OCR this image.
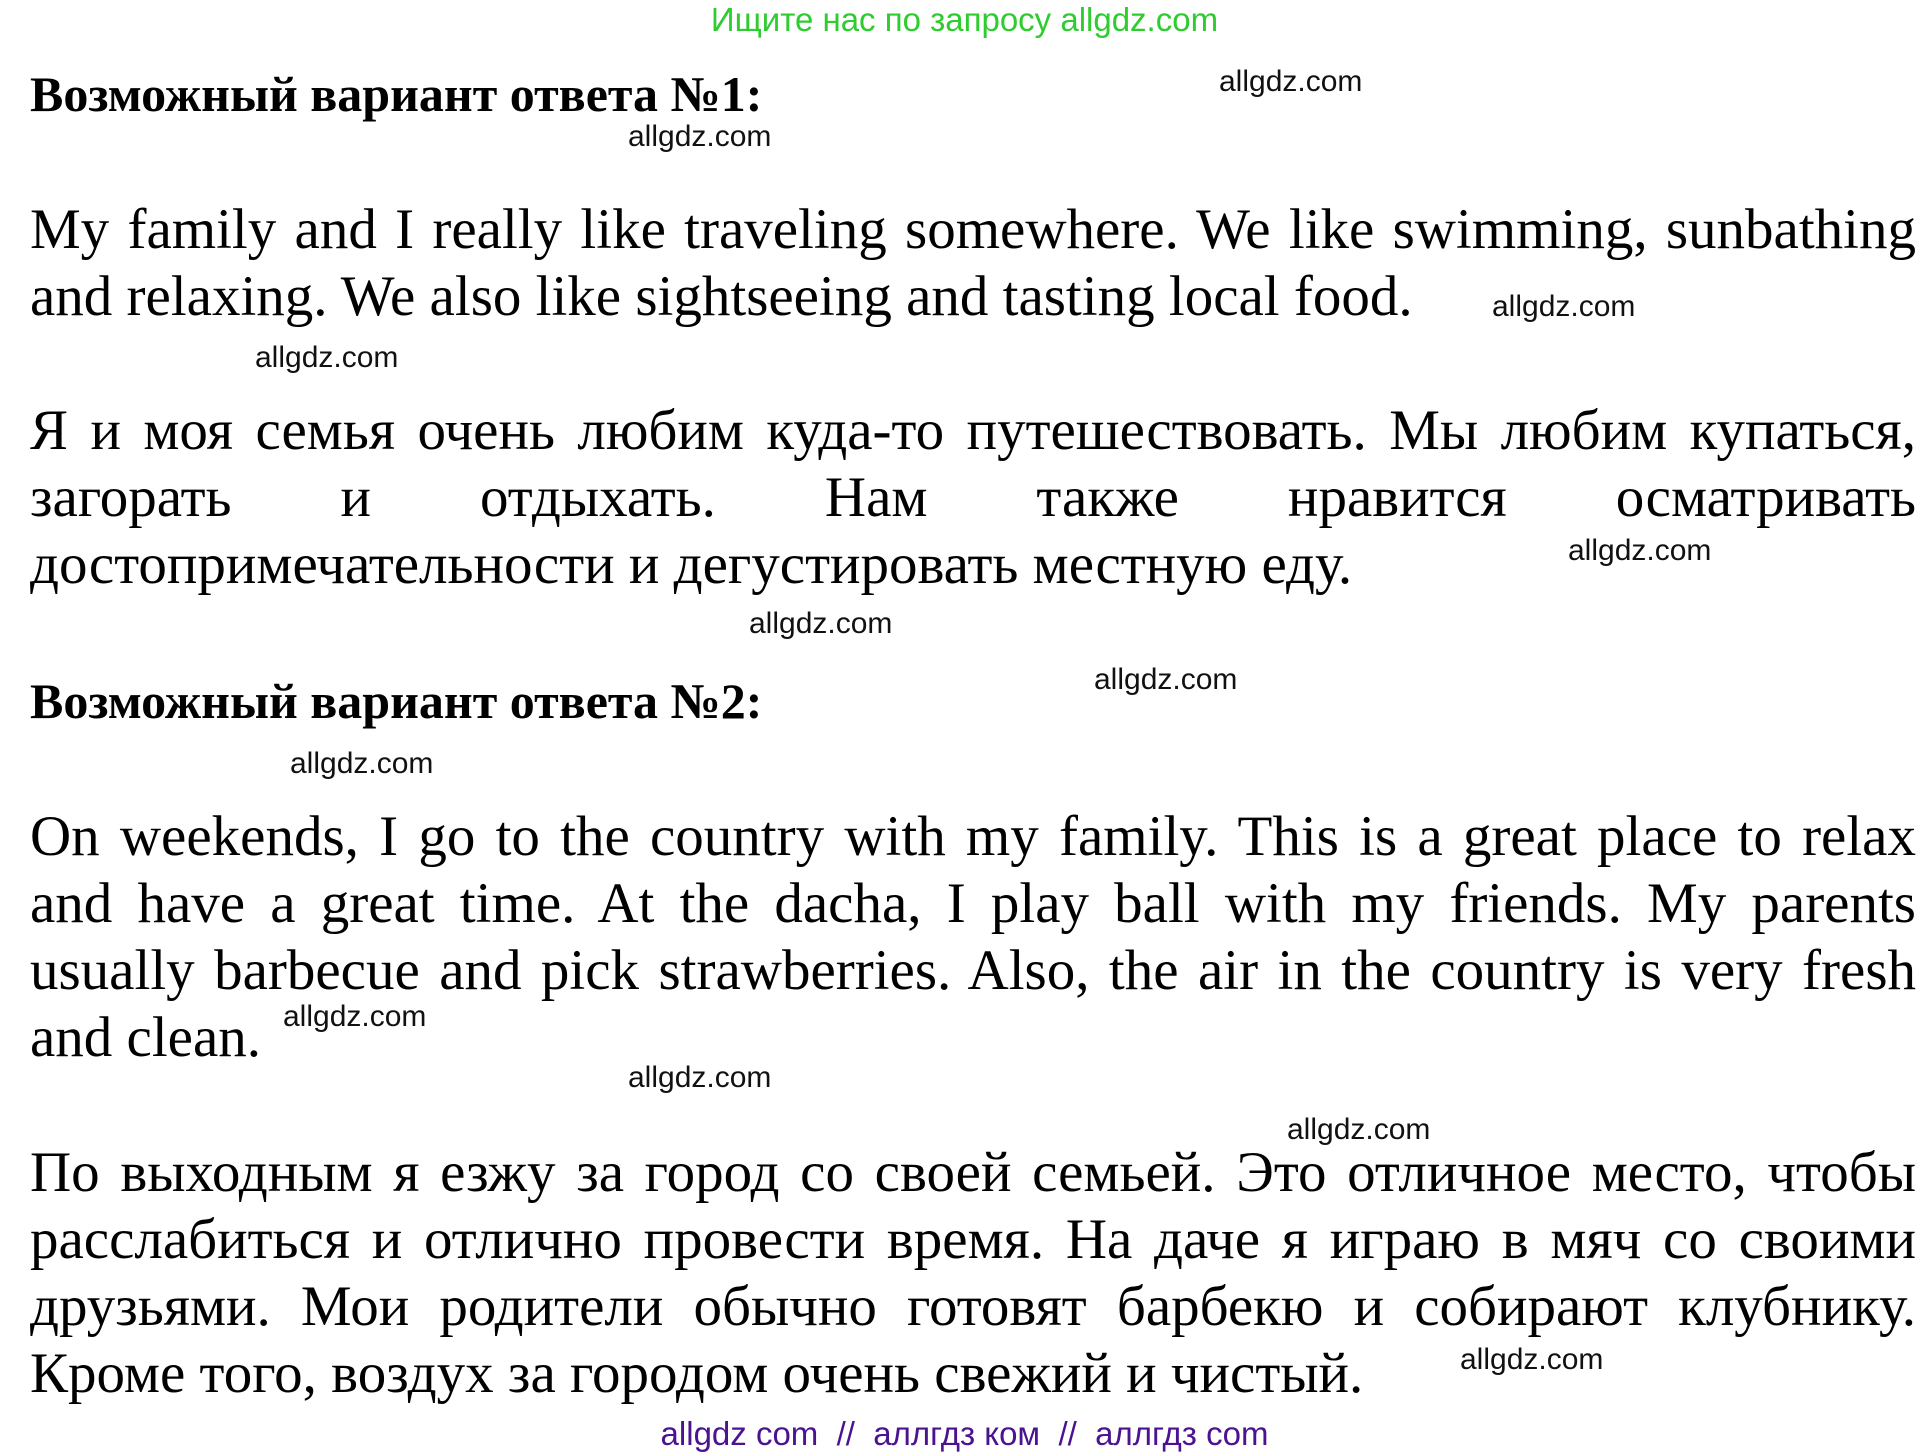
Ищите нас по запросу allgdz.com
Возможный вариант ответа №1:
My family and I really like traveling somewhere. We like swimming, sunbathing
and relaxing. We also like sightseeing and tasting local food.
Я и моя семья очень любим куда-то путешествовать. Мы любим купаться,
загорать и отдыхать. Нам также нравится осматривать
достопримечательности и дегустировать местную еду.
Возможный вариант ответа №2:
On weekends, I go to the country with my family. This is a great place to relax
and have a great time. At the dacha, I play ball with my friends. My parents
usually barbecue and pick strawberries. Also, the air in the country is very fresh
and clean.
По выходным я езжу за город со своей семьей. Это отличное место, чтобы
расслабиться и отлично провести время. На даче я играю в мяч со своими
друзьями. Мои родители обычно готовят барбекю и собирают клубнику.
Кроме того, воздух за городом очень свежий и чистый.
allgdz.com
allgdz.com
allgdz.com
allgdz.com
allgdz.com
allgdz.com
allgdz.com
allgdz.com
allgdz.com
allgdz.com
allgdz.com
allgdz.com
allgdz com  //  аллгдз ком  //  аллгдз com
